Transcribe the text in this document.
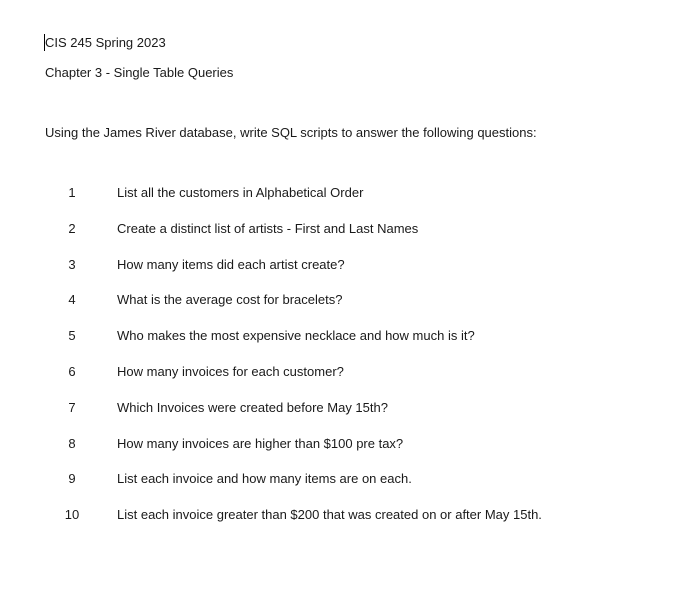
CIS 245 Spring 2023
Chapter 3 - Single Table Queries
Using the James River database, write SQL scripts to answer the following questions:
1	List all the customers in Alphabetical Order
2	Create a distinct list of artists - First and Last Names
3	How many items did each artist create?
4	What is the average cost for bracelets?
5	Who makes the most expensive necklace and how much is it?
6	How many invoices for each customer?
7	Which Invoices were created before May 15th?
8	How many invoices are higher than $100 pre tax?
9	List each invoice and how many items are on each.
10	List each invoice greater than $200 that was created on or after May 15th.
